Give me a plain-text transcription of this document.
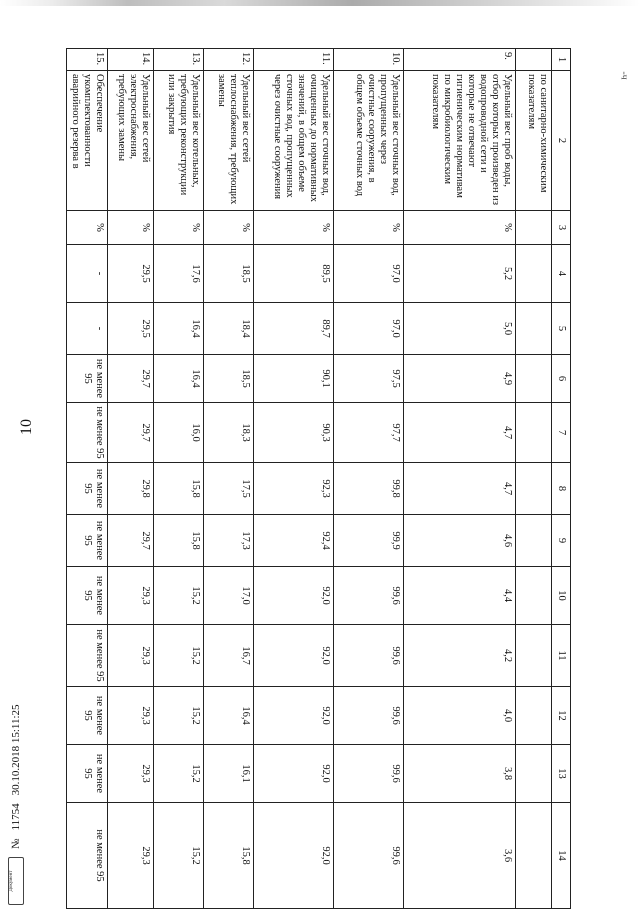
10
-ч
1	2	3	4	5	6	7	8	9	10	11	12	13	14
	по санитарно-химическим показателям												
9.	Удельный вес проб воды, отбор которых произведен из водопроводной сети и которые не отвечают гигиеническим нормативам по микробиологическим показателям	%	5,2	5,0	4,9	4,7	4,7	4,6	4,4	4,2	4,0	3,8	3,6
10.	Удельный вес сточных вод, пропущенных через очистные сооружения, в общем объеме сточных вод	%	97,0	97,0	97,5	97,7	99,8	99,9	99,6	99,6	99,6	99,6	99,6
11.	Удельный вес сточных вод, очищенных до нормативных значений, в общем объеме сточных вод, пропущенных через очистные сооружения	%	89,5	89,7	90,1	90,3	92,3	92,4	92,0	92,0	92,0	92,0	92,0
12.	Удельный вес сетей теплоснабжения, требующих замены	%	18,5	18,4	18,5	18,3	17,5	17,3	17,0	16,7	16,4	16,1	15,8
13.	Удельный вес котельных, требующих реконструкции или закрытия	%	17,6	16,4	16,4	16,0	15,8	15,8	15,2	15,2	15,2	15,2	15,2
14.	Удельный вес сетей электроснабжения, требующих замены	%	29,5	29,5	29,7	29,7	29,8	29,7	29,3	29,3	29,3	29,3	29,3
15.	Обеспечение укомплектованности аварийного резерва в	%	-	-	не менее 95	не менее 95	не менее 95	не менее 95	не менее 95	не менее 95	не менее 95	не менее 95	не менее 95
Документ
№
11754
30.10.2018 15:11:25
